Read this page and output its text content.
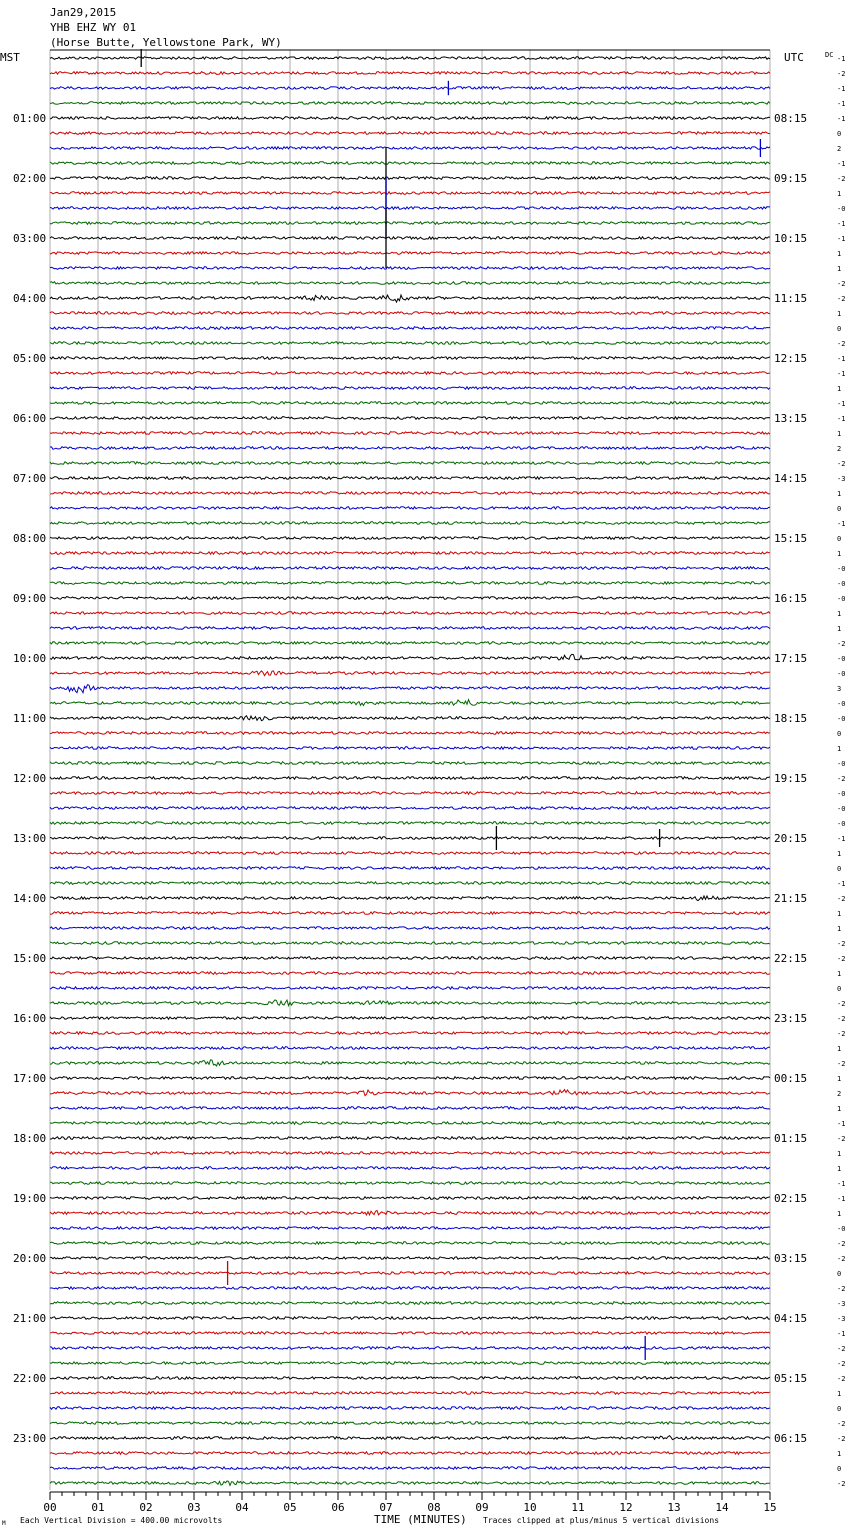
Jan29,2015
YHB EHZ WY 01
(Horse Butte, Yellowstone Park, WY)
MST	UTC	DC
01:00
02:00
03:00
04:00
05:00
06:00
07:00
08:00
09:00
10:00
11:00
12:00
13:00
14:00
15:00
16:00
17:00
18:00
19:00
20:00
21:00
22:00
23:00
08:15
09:15
10:15
11:15
12:15
13:15
14:15
15:15
16:15
17:15
18:15
19:15
20:15
21:15
22:15
23:15
00:15
01:15
02:15
03:15
04:15
05:15
06:15
-1
-2
-1
-1
-1
0
2
-1
-2
1
-0
-1
-1
1
1
-2
-2
1
0
-2
-1
-1
1
-1
-1
1
2
-2
-3
1
0
-1
0
1
-0
-0
-0
1
1
-2
-0
-0
3
-0
-0
0
1
-0
-2
-0
-0
-0
-1
1
0
-1
-2
1
1
-2
-2
1
0
-2
-2
-2
1
-2
1
2
1
-1
-2
1
1
-1
-1
1
-0
-2
-2
0
-2
-3
-3
-1
-2
-2
-2
1
0
-2
-2
1
0
-2
00	01	02	03	04	05	06	07	08	09	10	11	12	13	14	15
M Each Vertical Division = 400.00 microvolts	TIME (MINUTES) Traces clipped at plus/minus 5 vertical divisions
